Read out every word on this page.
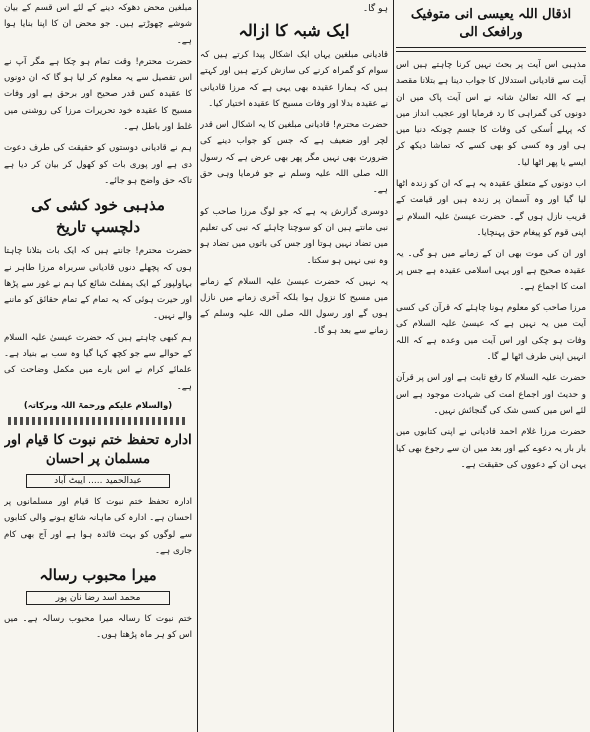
اذقال اللہ یعیسی انی متوفیک ورافعک الی

مذہبی اس آیت پر بحث نہیں کرنا چاہتے ہیں اس آیت سے قادیانی استدلال کا جواب دینا ہے بتلانا مقصد ہے کہ اللہ تعالیٰ شانہ نے اس آیت پاک میں ان دونوں کی گمراہی کا رد فرمایا اور عجیب انداز میں کہ پہلے اُسکی کی وفات کا جسم چونکہ دنیا میں ہی اور وہ کسی کو بھی کسے کہ تماشا دیکھ کر ایسے یا پھر اٹھا لیا۔

اب دونوں کے متعلق عقیدہ یہ ہے کہ ان کو زندہ اٹھا لیا گیا اور وہ آسمان پر زندہ ہیں اور قیامت کے قریب نازل ہوں گے۔ حضرت عیسیٰ علیہ السلام نے اپنی قوم کو پیغام حق پہنچایا۔

اور ان کی موت بھی ان کے زمانے میں ہو گی۔ یہ عقیدہ صحیح ہے اور یہی اسلامی عقیدہ ہے جس پر امت کا اجماع ہے۔

مرزا صاحب کو معلوم ہونا چاہئے کہ قرآن کی کسی آیت میں یہ نہیں ہے کہ عیسیٰ علیہ السلام کی وفات ہو چکی اور اس آیت میں وعدہ ہے کہ اللہ انہیں اپنی طرف اٹھا لے گا۔

حضرت علیہ السلام کا رفع ثابت ہے اور اس پر قرآن و حدیث اور اجماع امت کی شہادت موجود ہے اس لئے اس میں کسی شک کی گنجائش نہیں۔

حضرت مرزا غلام احمد قادیانی نے اپنی کتابوں میں بار بار یہ دعوے کیے اور بعد میں ان سے رجوع بھی کیا یہی ان کے دعووں کی حقیقت ہے۔

ہو گا۔
ایک شبہ کا ازالہ

قادیانی مبلغین یہاں ایک اشکال پیدا کرتے ہیں کہ سوام کو گمراہ کرنے کی سازش کرتے ہیں اور کہتے ہیں کہ ہمارا عقیدہ بھی یہی ہے کہ مرزا قادیانی نے عقیدہ بدلا اور وفات مسیح کا عقیدہ اختیار کیا۔

حضرت محترم! قادیانی مبلغین کا یہ اشکال اس قدر لچر اور ضعیف ہے کہ جس کو جواب دینے کی ضرورت بھی نہیں مگر پھر بھی عرض ہے کہ رسول اللہ صلی اللہ علیہ وسلم نے جو فرمایا وہی حق ہے۔

دوسری گزارش یہ ہے کہ جو لوگ مرزا صاحب کو نبی مانتے ہیں ان کو سوچنا چاہئے کہ نبی کی تعلیم میں تضاد نہیں ہوتا اور جس کی باتوں میں تضاد ہو وہ نبی نہیں ہو سکتا۔

یہ نہیں کہ حضرت عیسیٰ علیہ السلام کے زمانے میں مسیح کا نزول ہوا بلکہ آخری زمانے میں نازل ہوں گے اور رسول اللہ صلی اللہ علیہ وسلم کے زمانے سے بعد ہو گا۔

مبلغین محض دھوکہ دینے کے لئے اس قسم کے بیان شوشے چھوڑتے ہیں۔ جو محض ان کا اپنا بنایا ہوا ہے۔

حضرت محترم! وقت تمام ہو چکا ہے مگر آپ نے اس تفصیل سے یہ معلوم کر لیا ہو گا کہ ان دونوں کا عقیدہ کس قدر صحیح اور برحق ہے اور وفات مسیح کا عقیدہ خود تحریرات مرزا کی روشنی میں غلط اور باطل ہے۔

ہم نے قادیانی دوستوں کو حقیقت کی طرف دعوت دی ہے اور پوری بات کو کھول کر بیان کر دیا ہے تاکہ حق واضح ہو جائے۔

مذہبی خود کشی کی دلچسپ تاریخ

حضرت محترم! جانتے ہیں کہ ایک بات بتلانا چاہتا ہوں کہ پچھلے دنوں قادیانی سربراہ مرزا طاہر نے بہاولپور کے ایک پمفلٹ شائع کیا ہم نے غور سے پڑھا اور حیرت ہوئی کہ یہ تمام کے تمام حقائق کو ماننے والے نہیں۔

ہم کبھی چاہتے ہیں کہ حضرت عیسیٰ علیہ السلام کے حوالے سے جو کچھ کہا گیا وہ سب بے بنیاد ہے۔ علمائے کرام نے اس بارے میں مکمل وضاحت کی ہے۔

(والسلام علیکم ورحمۃ اللہ وبرکاتہ)
ادارہ تحفظ ختم نبوت کا قیام اور مسلمان پر احسان
عبدالحمید ..... ایبٹ آباد

ادارہ تحفظ ختم نبوت کا قیام اور مسلمانوں پر احسان ہے۔ ادارہ کی ماہانہ شائع ہونے والی کتابوں سے لوگوں کو بہت فائدہ ہوا ہے اور آج بھی کام جاری ہے۔

میرا محبوب رسالہ
محمد اسد رضا نان پور

ختم نبوت کا رسالہ میرا محبوب رسالہ ہے۔ میں اس کو ہر ماہ پڑھتا ہوں۔
